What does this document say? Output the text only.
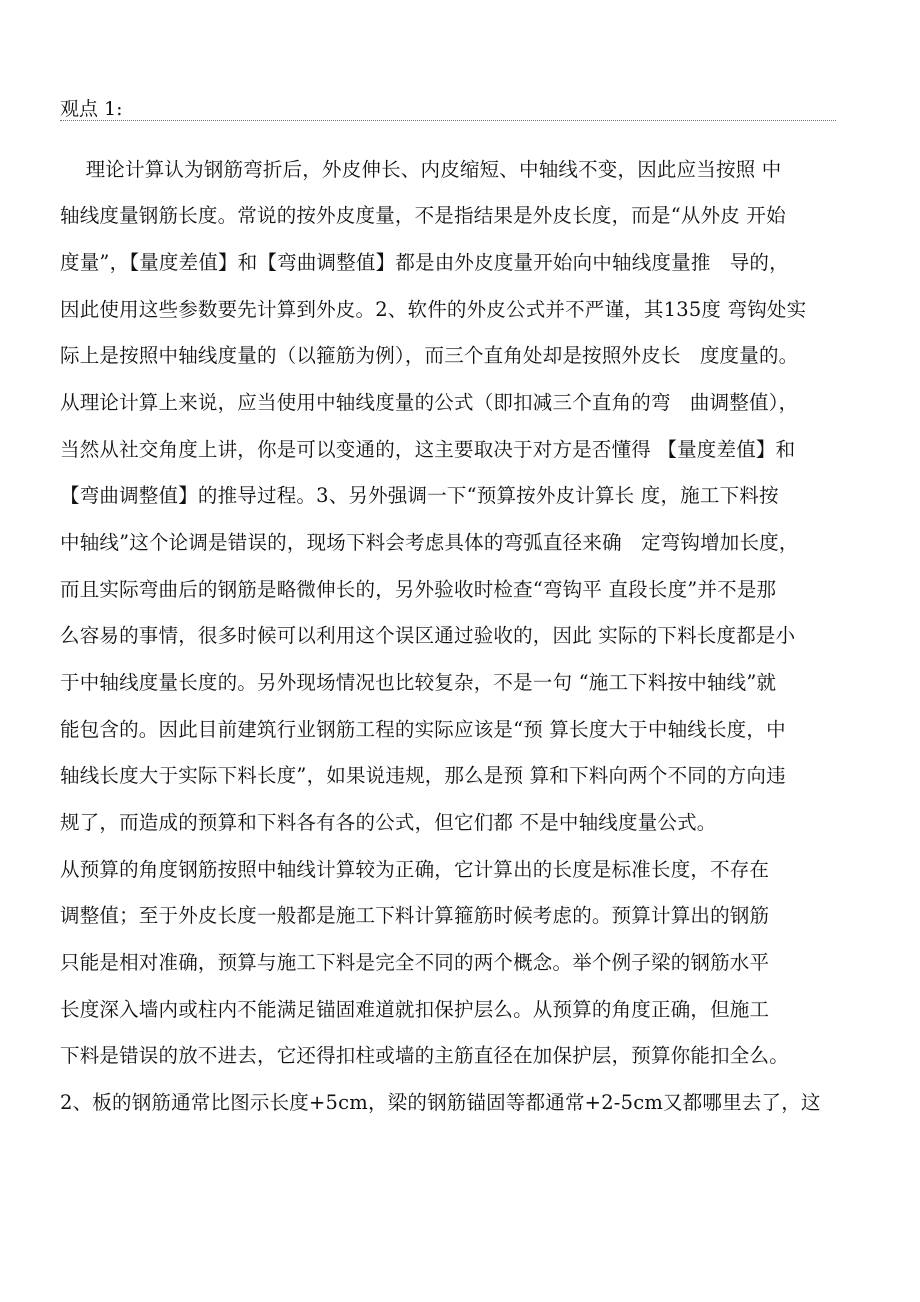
观点 1:
理论计算认为钢筋弯折后，外皮伸长、内皮缩短、中轴线不变，因此应当按照 中
轴线度量钢筋长度。常说的按外皮度量，不是指结果是外皮长度，而是“从外皮 开始
度量”，【量度差值】和【弯曲调整值】都是由外皮度量开始向中轴线度量推   导的，
因此使用这些参数要先计算到外皮。2、软件的外皮公式并不严谨，其135度 弯钩处实
际上是按照中轴线度量的（以箍筋为例），而三个直角处却是按照外皮长   度度量的。
从理论计算上来说，应当使用中轴线度量的公式（即扣减三个直角的弯   曲调整值），
当然从社交角度上讲，你是可以变通的，这主要取决于对方是否懂得 【量度差值】和
【弯曲调整值】的推导过程。3、另外强调一下“预算按外皮计算长 度，施工下料按
中轴线”这个论调是错误的，现场下料会考虑具体的弯弧直径来确   定弯钩增加长度，
而且实际弯曲后的钢筋是略微伸长的，另外验收时检查“弯钩平 直段长度”并不是那
么容易的事情，很多时候可以利用这个误区通过验收的，因此 实际的下料长度都是小
于中轴线度量长度的。另外现场情况也比较复杂，不是一句 “施工下料按中轴线”就
能包含的。因此目前建筑行业钢筋工程的实际应该是“预 算长度大于中轴线长度，中
轴线长度大于实际下料长度”，如果说违规，那么是预 算和下料向两个不同的方向违
规了，而造成的预算和下料各有各的公式，但它们都 不是中轴线度量公式。
从预算的角度钢筋按照中轴线计算较为正确，它计算出的长度是标准长度，不存在
调整值；至于外皮长度一般都是施工下料计算箍筋时候考虑的。预算计算出的钢筋
只能是相对准确，预算与施工下料是完全不同的两个概念。举个例子梁的钢筋水平
长度深入墙内或柱内不能满足锚固难道就扣保护层么。从预算的角度正确，但施工
下料是错误的放不进去，它还得扣柱或墙的主筋直径在加保护层，预算你能扣全么。
2、板的钢筋通常比图示长度+5cm，梁的钢筋锚固等都通常+2-5cm又都哪里去了，这
